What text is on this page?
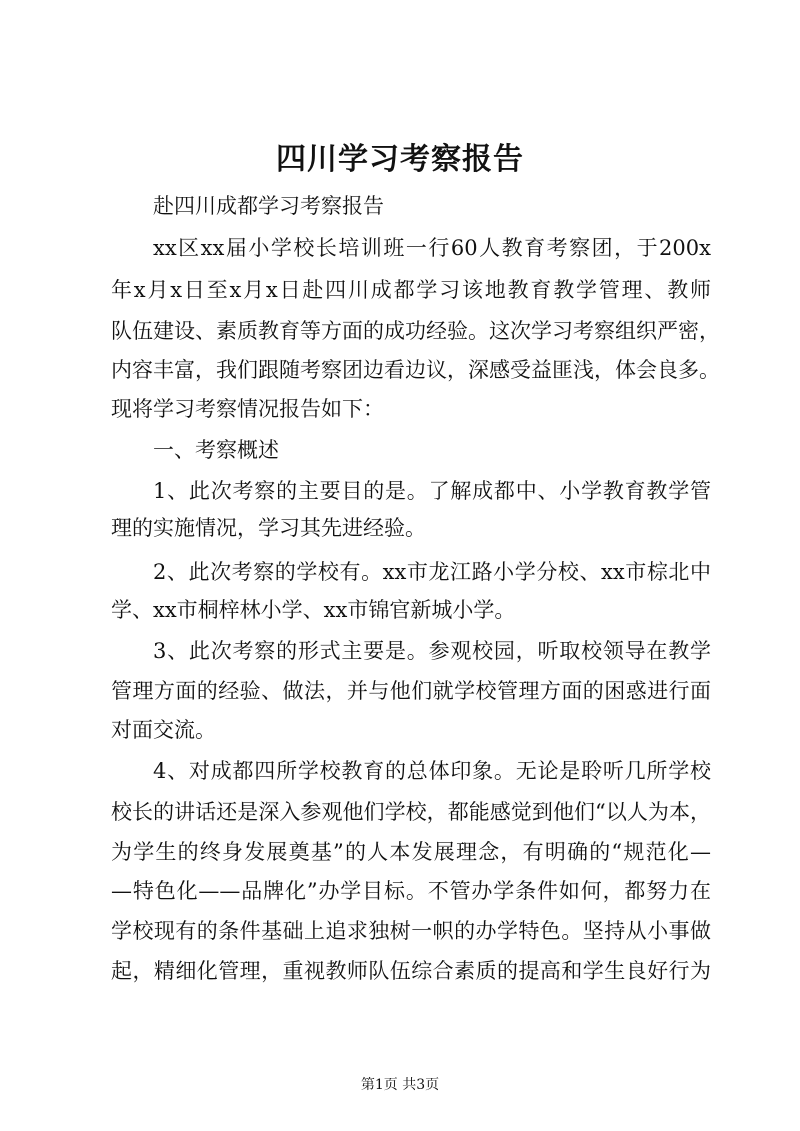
四川学习考察报告

赴四川成都学习考察报告

xx区xx届小学校长培训班一行60人教育考察团，于200x

年x月x日至x月x日赴四川成都学习该地教育教学管理、教师

队伍建设、素质教育等方面的成功经验。这次学习考察组织严密，

内容丰富，我们跟随考察团边看边议，深感受益匪浅，体会良多。

现将学习考察情况报告如下：

一、考察概述

1、此次考察的主要目的是。了解成都中、小学教育教学管

理的实施情况，学习其先进经验。

2、此次考察的学校有。xx市龙江路小学分校、xx市棕北中

学、xx市桐梓林小学、xx市锦官新城小学。

3、此次考察的形式主要是。参观校园，听取校领导在教学

管理方面的经验、做法，并与他们就学校管理方面的困惑进行面

对面交流。

4、对成都四所学校教育的总体印象。无论是聆听几所学校

校长的讲话还是深入参观他们学校，都能感觉到他们“以人为本，

为学生的终身发展奠基”的人本发展理念，有明确的“规范化—

—特色化——品牌化”办学目标。不管办学条件如何，都努力在

学校现有的条件基础上追求独树一帜的办学特色。坚持从小事做

起，精细化管理，重视教师队伍综合素质的提高和学生良好行为

第1页 共3页
